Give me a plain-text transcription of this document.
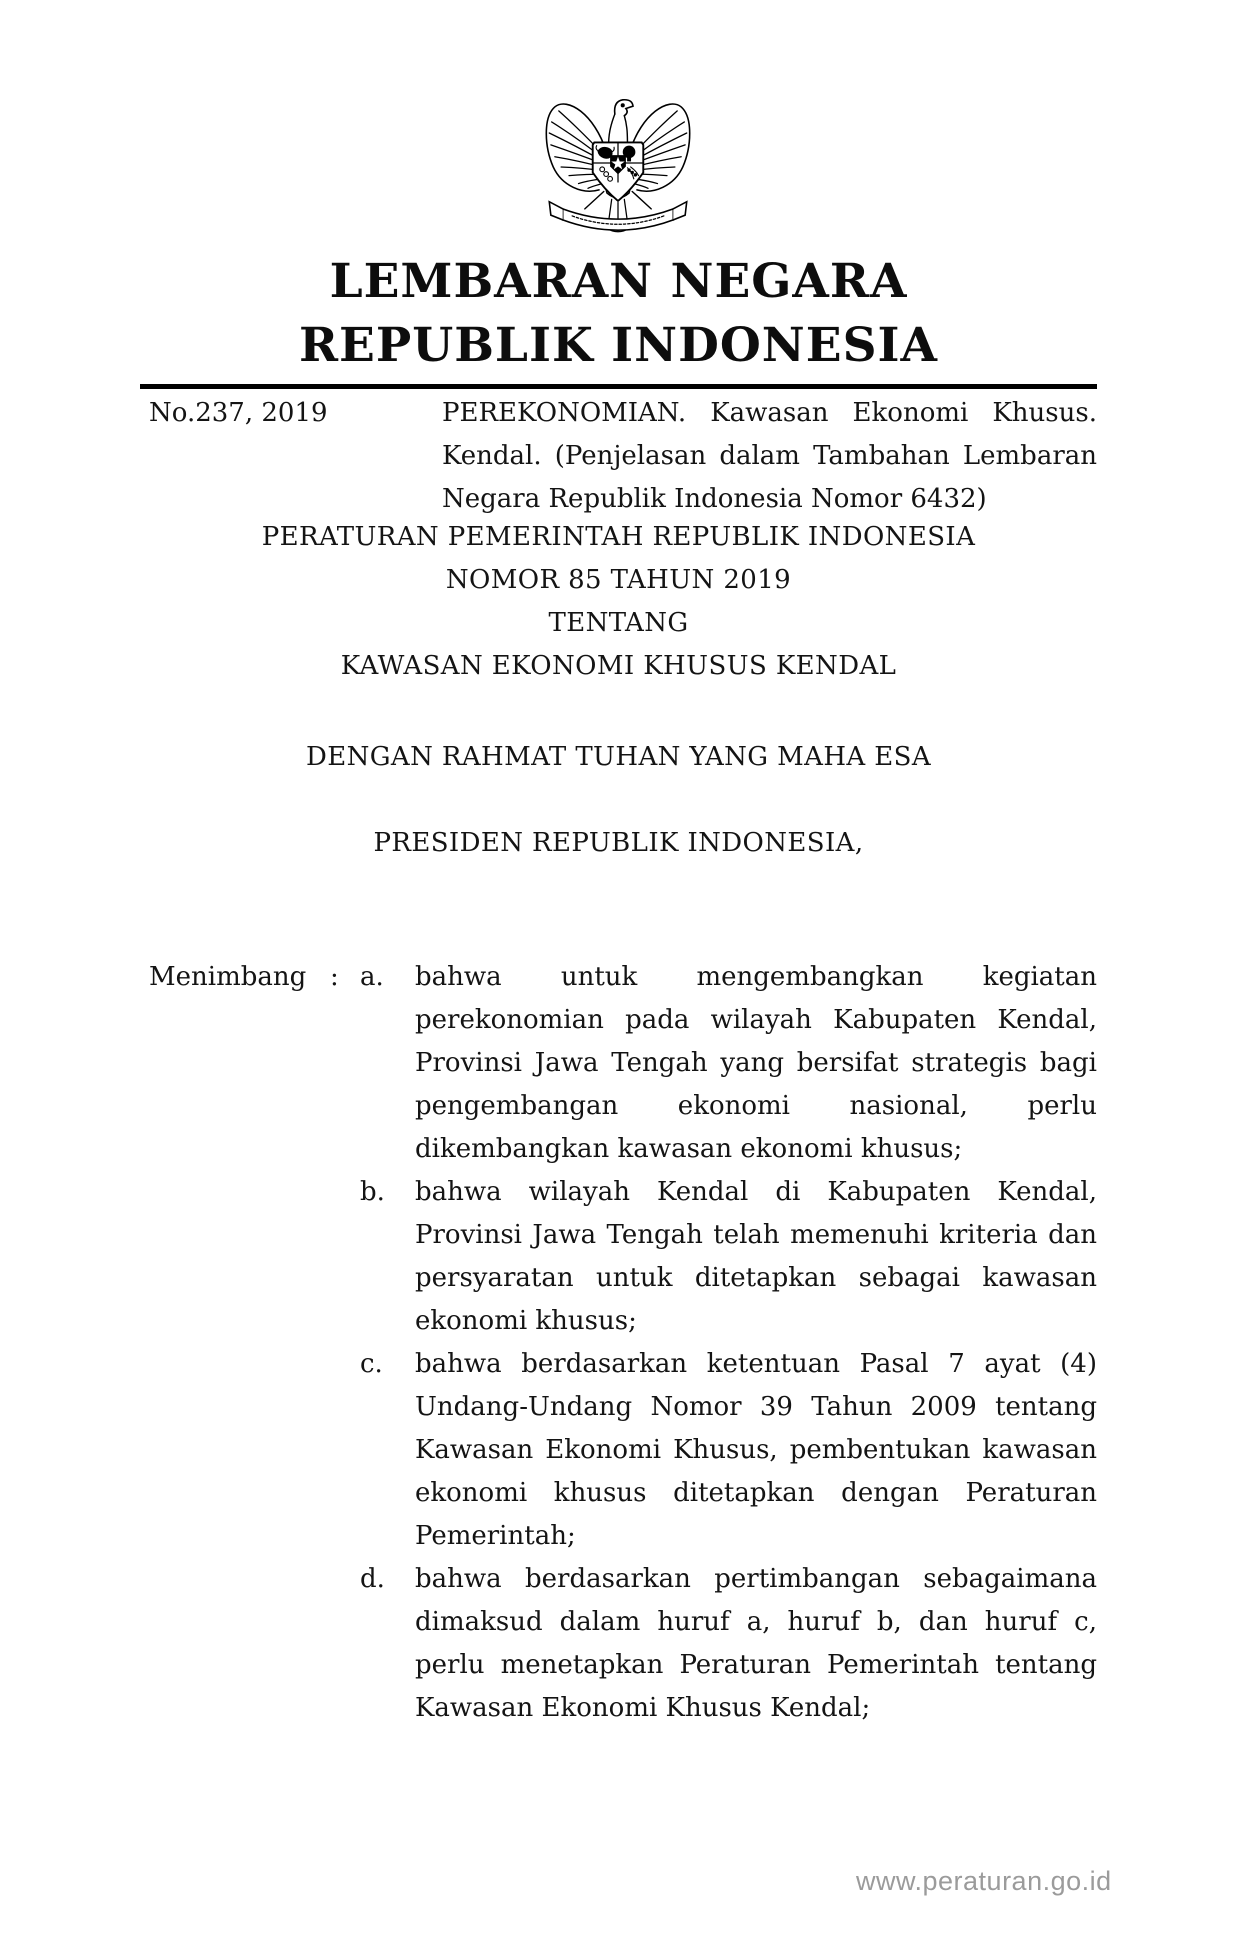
LEMBARAN NEGARA
REPUBLIK INDONESIA
No.237, 2019	PEREKONOMIAN. Kawasan Ekonomi Khusus. Kendal. (Penjelasan dalam Tambahan Lembaran Negara Republik Indonesia Nomor 6432)
PERATURAN PEMERINTAH REPUBLIK INDONESIA
NOMOR 85 TAHUN 2019
TENTANG
KAWASAN EKONOMI KHUSUS KENDAL
DENGAN RAHMAT TUHAN YANG MAHA ESA
PRESIDEN REPUBLIK INDONESIA,
Menimbang : a.	bahwa untuk mengembangkan kegiatan perekonomian pada wilayah Kabupaten Kendal, Provinsi Jawa Tengah yang bersifat strategis bagi pengembangan ekonomi nasional, perlu dikembangkan kawasan ekonomi khusus;
b.	bahwa wilayah Kendal di Kabupaten Kendal, Provinsi Jawa Tengah telah memenuhi kriteria dan persyaratan untuk ditetapkan sebagai kawasan ekonomi khusus;
c.	bahwa berdasarkan ketentuan Pasal 7 ayat (4) Undang-Undang Nomor 39 Tahun 2009 tentang Kawasan Ekonomi Khusus, pembentukan kawasan ekonomi khusus ditetapkan dengan Peraturan Pemerintah;
d.	bahwa berdasarkan pertimbangan sebagaimana dimaksud dalam huruf a, huruf b, dan huruf c, perlu menetapkan Peraturan Pemerintah tentang Kawasan Ekonomi Khusus Kendal;
www.peraturan.go.id
